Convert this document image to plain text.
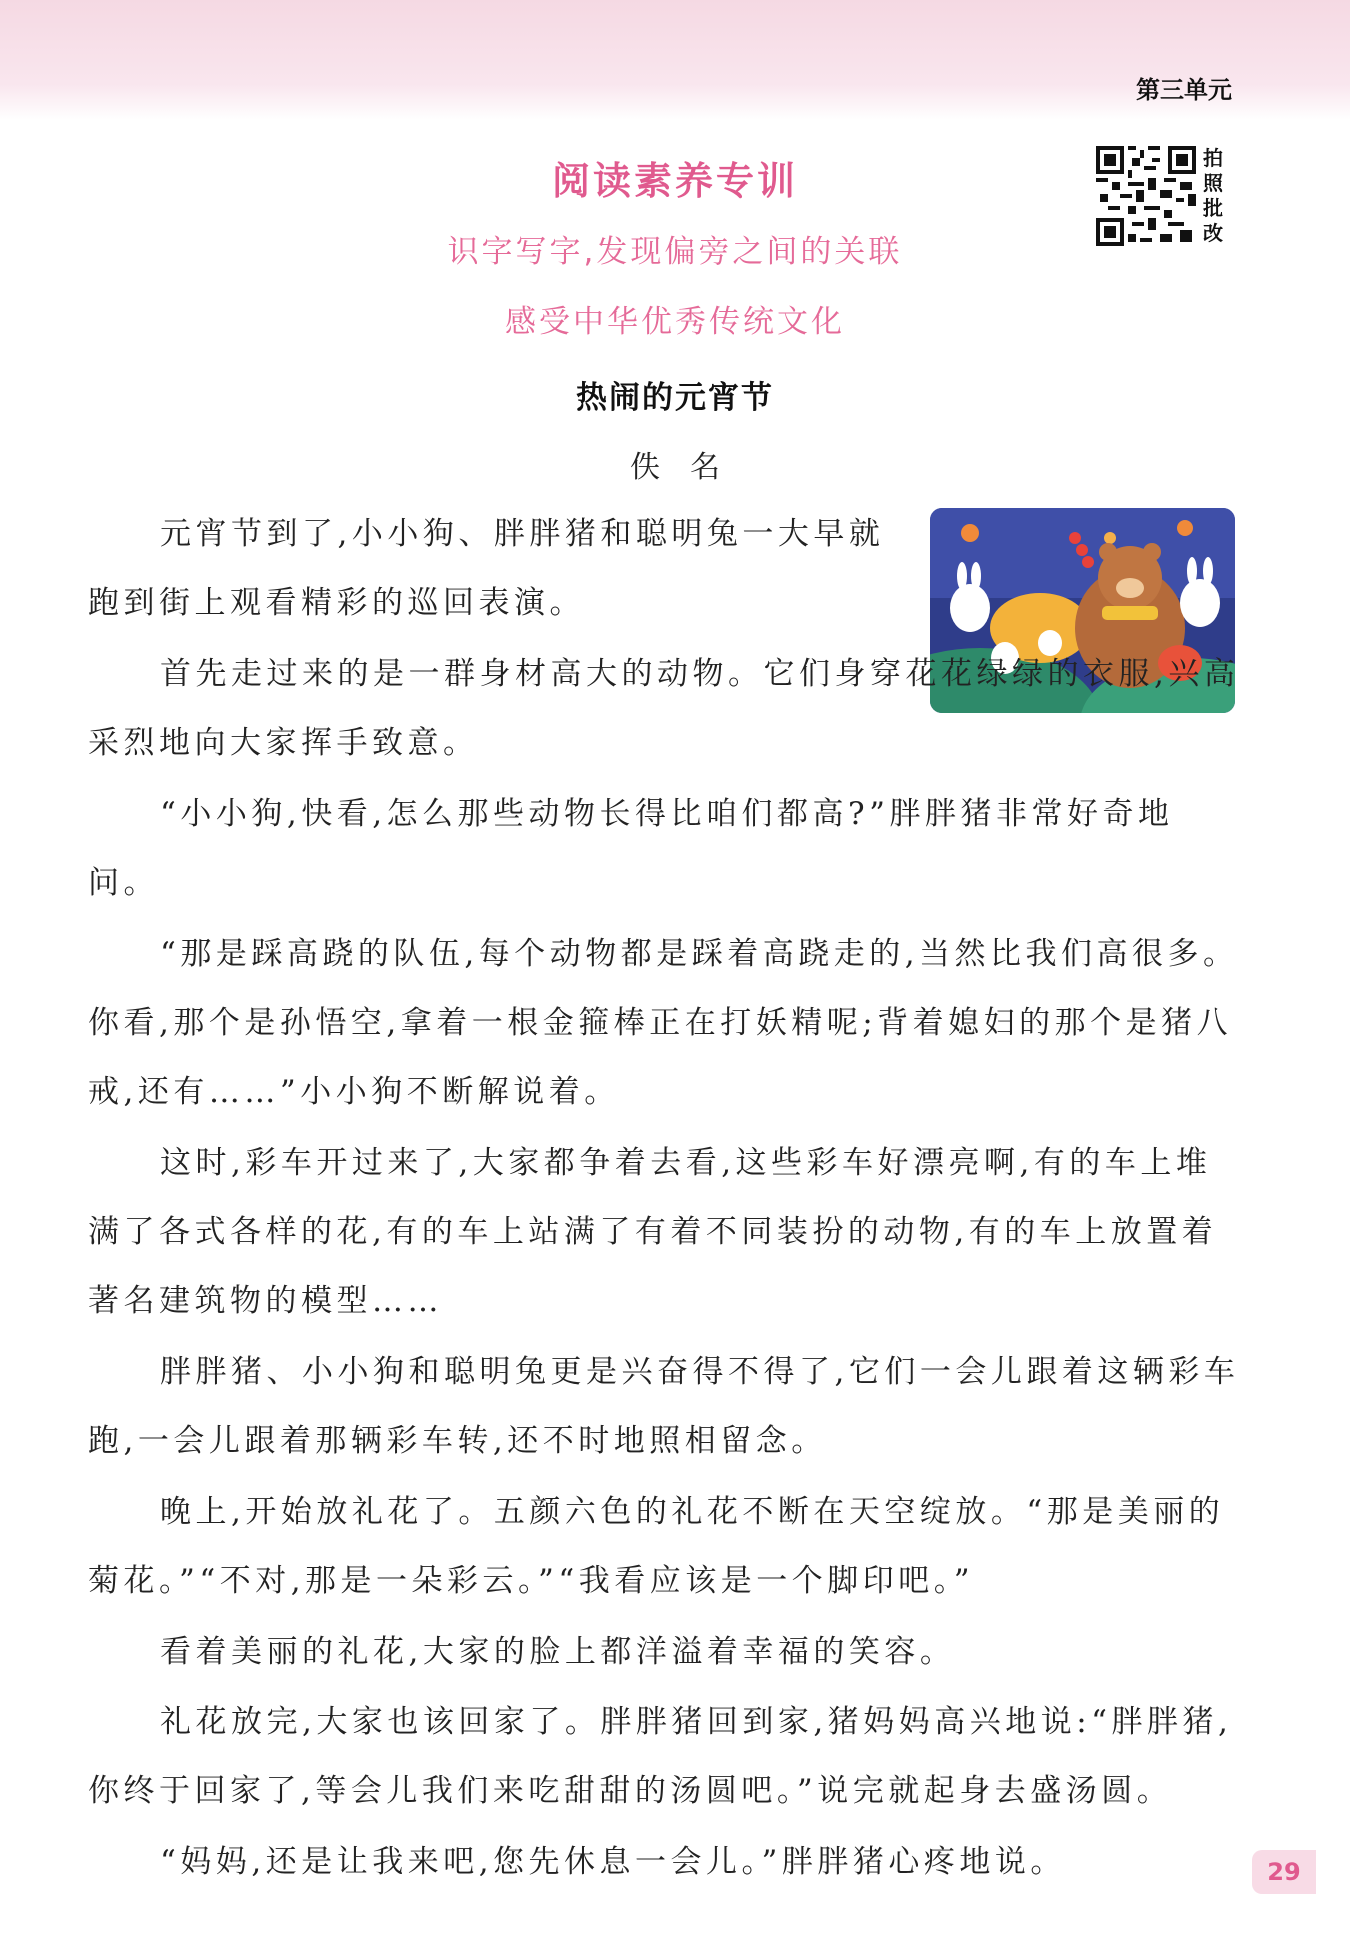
第三单元
阅读素养专训
识字写字,发现偏旁之间的关联
感受中华优秀传统文化
拍照批改
热闹的元宵节
佚名

元宵节到了,小小狗、胖胖猪和聪明兔一大早就跑到街上观看精彩的巡回表演。

首先走过来的是一群身材高大的动物。它们身穿花花绿绿的衣服,兴高采烈地向大家挥手致意。

“小小狗,快看,怎么那些动物长得比咱们都高?”胖胖猪非常好奇地问。

“那是踩高跷的队伍,每个动物都是踩着高跷走的,当然比我们高很多。你看,那个是孙悟空,拿着一根金箍棒正在打妖精呢;背着媳妇的那个是猪八戒,还有……”小小狗不断解说着。

这时,彩车开过来了,大家都争着去看,这些彩车好漂亮啊,有的车上堆满了各式各样的花,有的车上站满了有着不同装扮的动物,有的车上放置着著名建筑物的模型……

胖胖猪、小小狗和聪明兔更是兴奋得不得了,它们一会儿跟着这辆彩车跑,一会儿跟着那辆彩车转,还不时地照相留念。

晚上,开始放礼花了。五颜六色的礼花不断在天空绽放。“那是美丽的菊花。”“不对,那是一朵彩云。”“我看应该是一个脚印吧。”

看着美丽的礼花,大家的脸上都洋溢着幸福的笑容。

礼花放完,大家也该回家了。胖胖猪回到家,猪妈妈高兴地说:“胖胖猪,你终于回家了,等会儿我们来吃甜甜的汤圆吧。”说完就起身去盛汤圆。

“妈妈,还是让我来吧,您先休息一会儿。”胖胖猪心疼地说。	29
